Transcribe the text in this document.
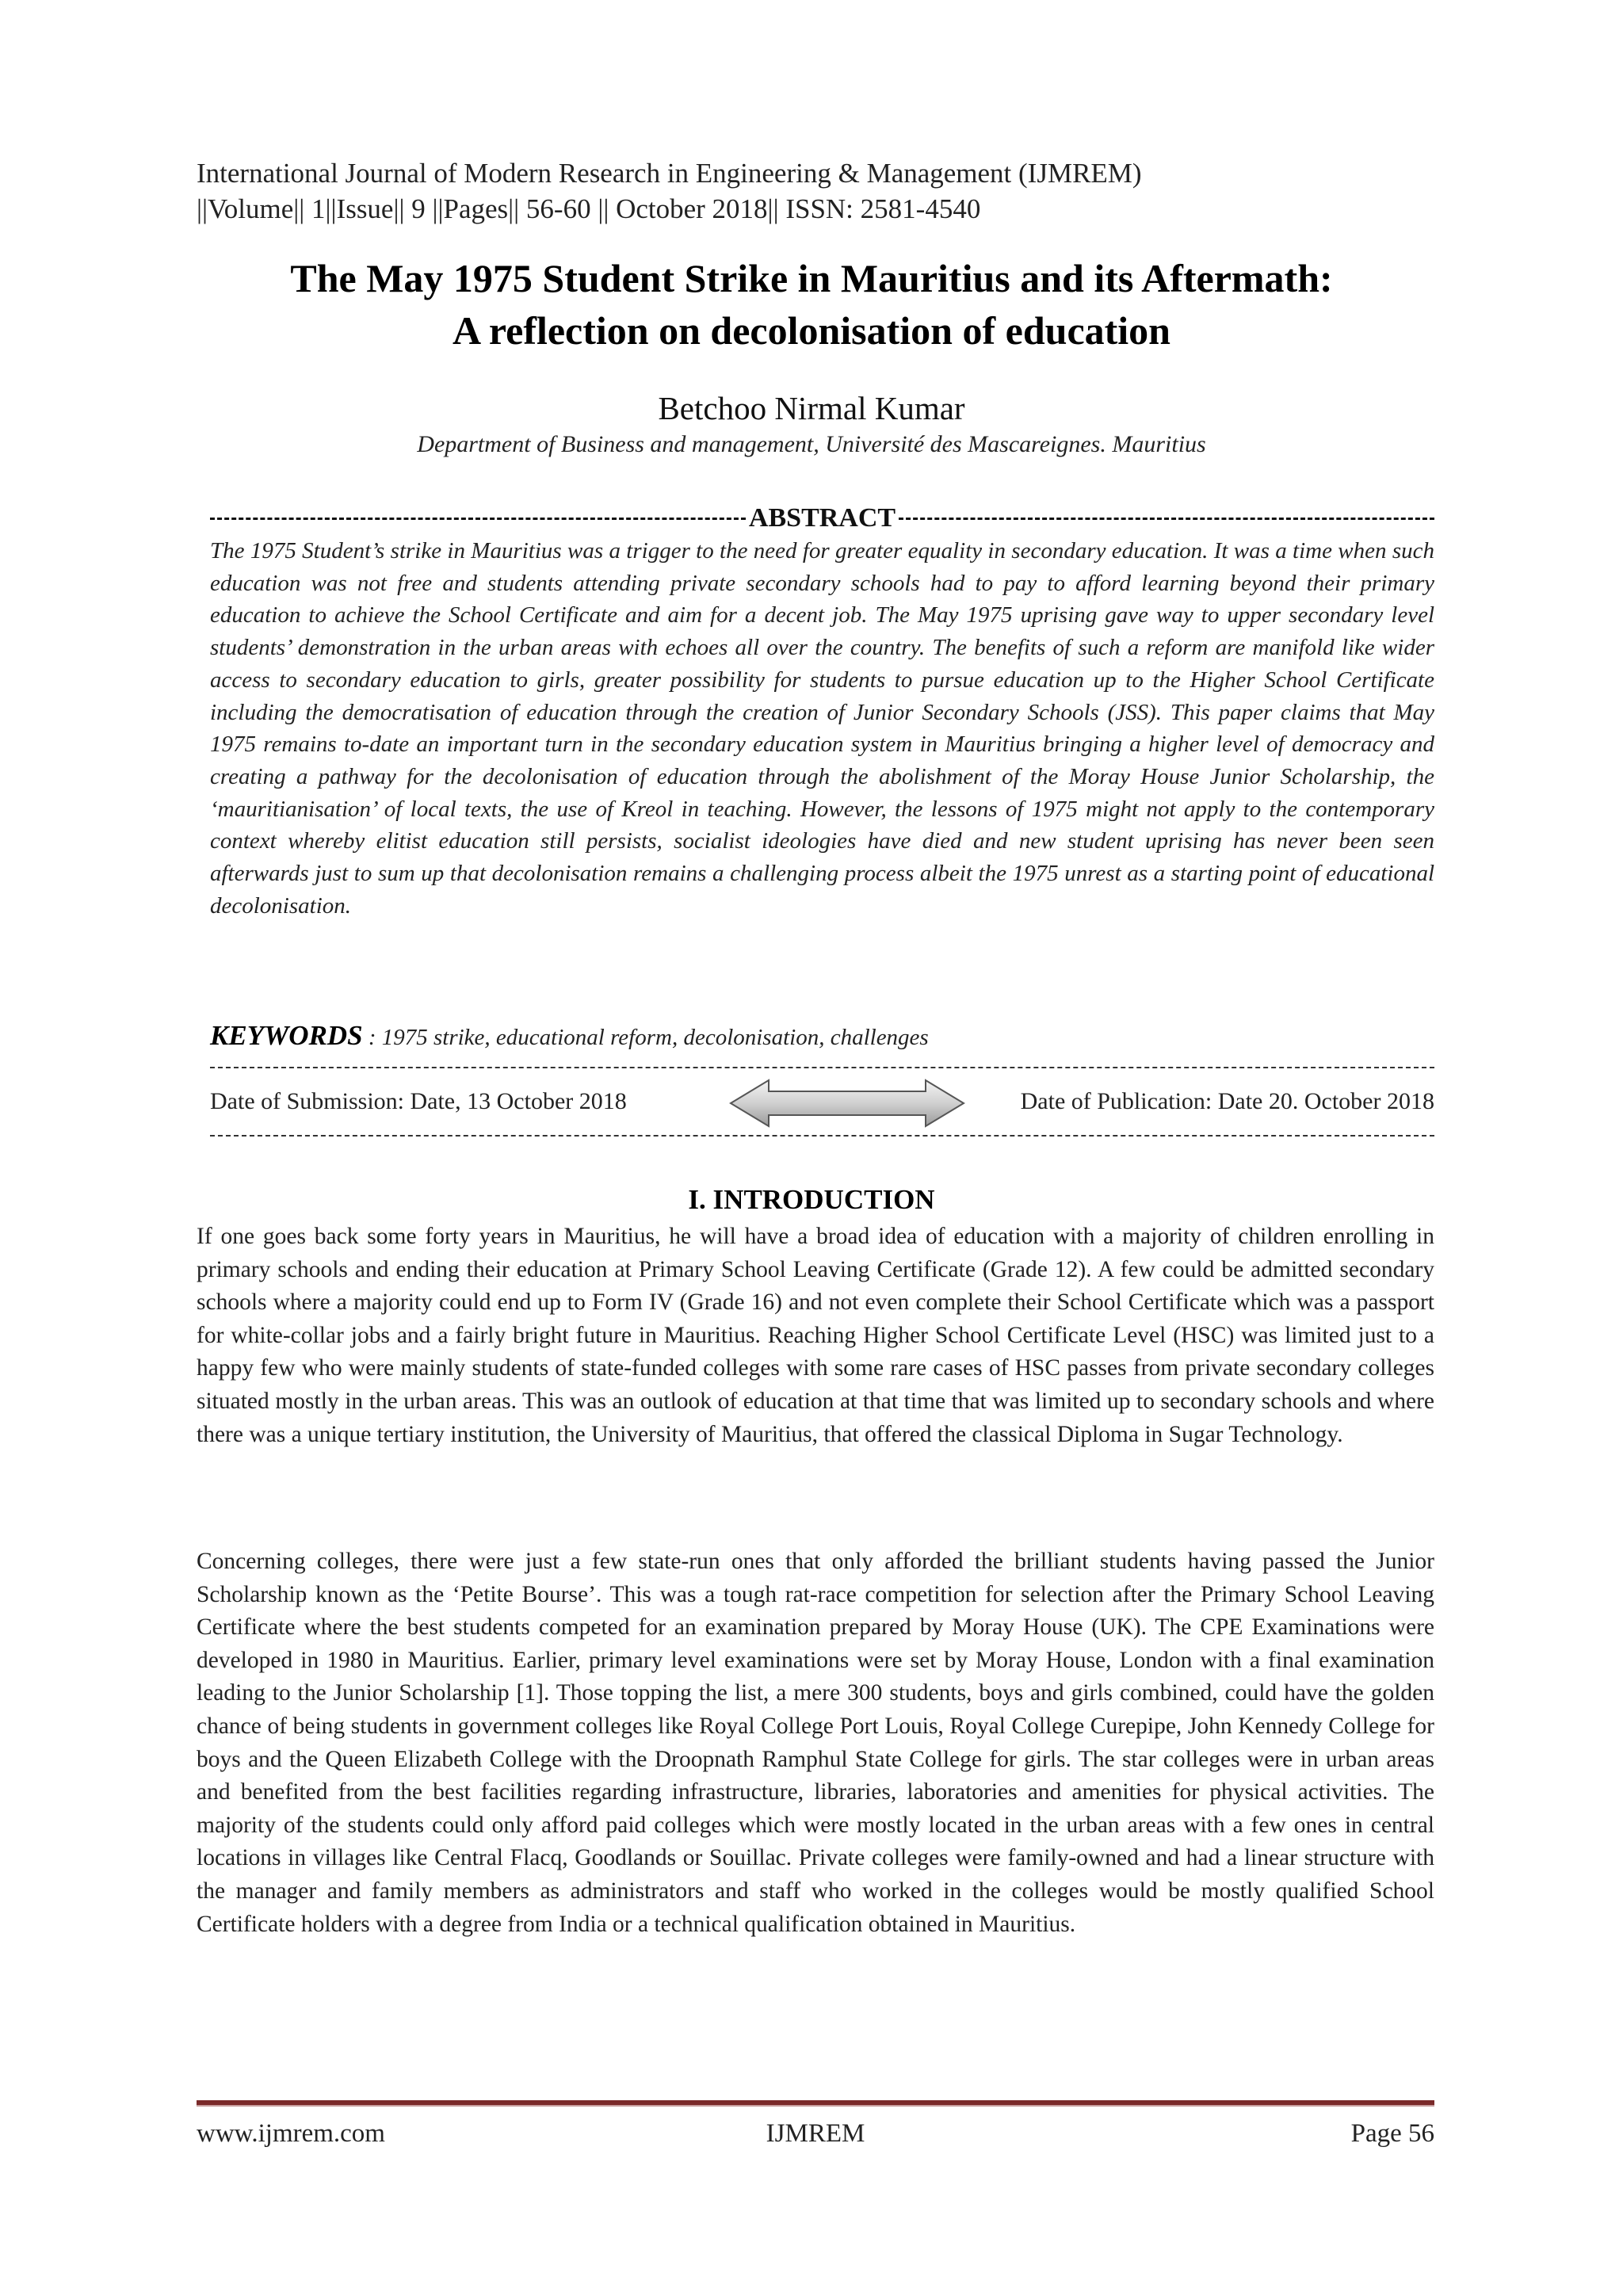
International Journal of Modern Research in Engineering & Management (IJMREM)
||Volume|| 1||Issue|| 9 ||Pages|| 56-60 || October 2018|| ISSN: 2581-4540
The May 1975 Student Strike in Mauritius and its Aftermath:
A reflection on decolonisation of education
Betchoo Nirmal Kumar
Department of Business and management, Université des Mascareignes. Mauritius
ABSTRACT
The 1975 Student’s strike in Mauritius was a trigger to the need for greater equality in secondary education. It was a time when such education was not free and students attending private secondary schools had to pay to afford learning beyond their primary education to achieve the School Certificate and aim for a decent job. The May 1975 uprising gave way to upper secondary level students’ demonstration in the urban areas with echoes all over the country. The benefits of such a reform are manifold like wider access to secondary education to girls, greater possibility for students to pursue education up to the Higher School Certificate including the democratisation of education through the creation of Junior Secondary Schools (JSS). This paper claims that May 1975 remains to-date an important turn in the secondary education system in Mauritius bringing a higher level of democracy and creating a pathway for the decolonisation of education through the abolishment of the Moray House Junior Scholarship, the ‘mauritianisation’ of local texts, the use of Kreol in teaching. However, the lessons of 1975 might not apply to the contemporary context whereby elitist education still persists, socialist ideologies have died and new student uprising has never been seen afterwards just to sum up that decolonisation remains a challenging process albeit the 1975 unrest as a starting point of educational decolonisation.
KEYWORDS : 1975 strike, educational reform, decolonisation, challenges
Date of Submission: Date, 13 October 2018	Date of Publication: Date 20. October 2018
I. INTRODUCTION
If one goes back some forty years in Mauritius, he will have a broad idea of education with a majority of children enrolling in primary schools and ending their education at Primary School Leaving Certificate (Grade 12). A few could be admitted secondary schools where a majority could end up to Form IV (Grade 16) and not even complete their School Certificate which was a passport for white-collar jobs and a fairly bright future in Mauritius. Reaching Higher School Certificate Level (HSC) was limited just to a happy few who were mainly students of state-funded colleges with some rare cases of HSC passes from private secondary colleges situated mostly in the urban areas. This was an outlook of education at that time that was limited up to secondary schools and where there was a unique tertiary institution, the University of Mauritius, that offered the classical Diploma in Sugar Technology.
Concerning colleges, there were just a few state-run ones that only afforded the brilliant students having passed the Junior Scholarship known as the ‘Petite Bourse’. This was a tough rat-race competition for selection after the Primary School Leaving Certificate where the best students competed for an examination prepared by Moray House (UK). The CPE Examinations were developed in 1980 in Mauritius. Earlier, primary level examinations were set by Moray House, London with a final examination leading to the Junior Scholarship [1]. Those topping the list, a mere 300 students, boys and girls combined, could have the golden chance of being students in government colleges like Royal College Port Louis, Royal College Curepipe, John Kennedy College for boys and the Queen Elizabeth College with the Droopnath Ramphul State College for girls. The star colleges were in urban areas and benefited from the best facilities regarding infrastructure, libraries, laboratories and amenities for physical activities. The majority of the students could only afford paid colleges which were mostly located in the urban areas with a few ones in central locations in villages like Central Flacq, Goodlands or Souillac. Private colleges were family-owned and had a linear structure with the manager and family members as administrators and staff who worked in the colleges would be mostly qualified School Certificate holders with a degree from India or a technical qualification obtained in Mauritius.
www.ijmrem.com	IJMREM	Page 56
